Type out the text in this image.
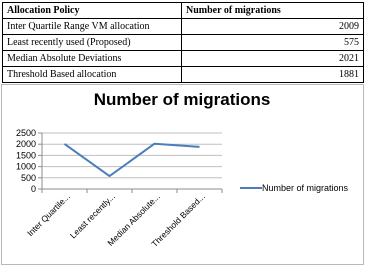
Allocation Policy	Number of migrations
Inter Quartile Range VM allocation	2009
Least recently used (Proposed)	575
Median Absolute Deviations	2021
Threshold Based allocation	1881
Number of migrations
0
500
1000
1500
2000
2500
Inter Quartile...
Least recently...
Median Absolute...
Threshold Based...
Number of migrations
